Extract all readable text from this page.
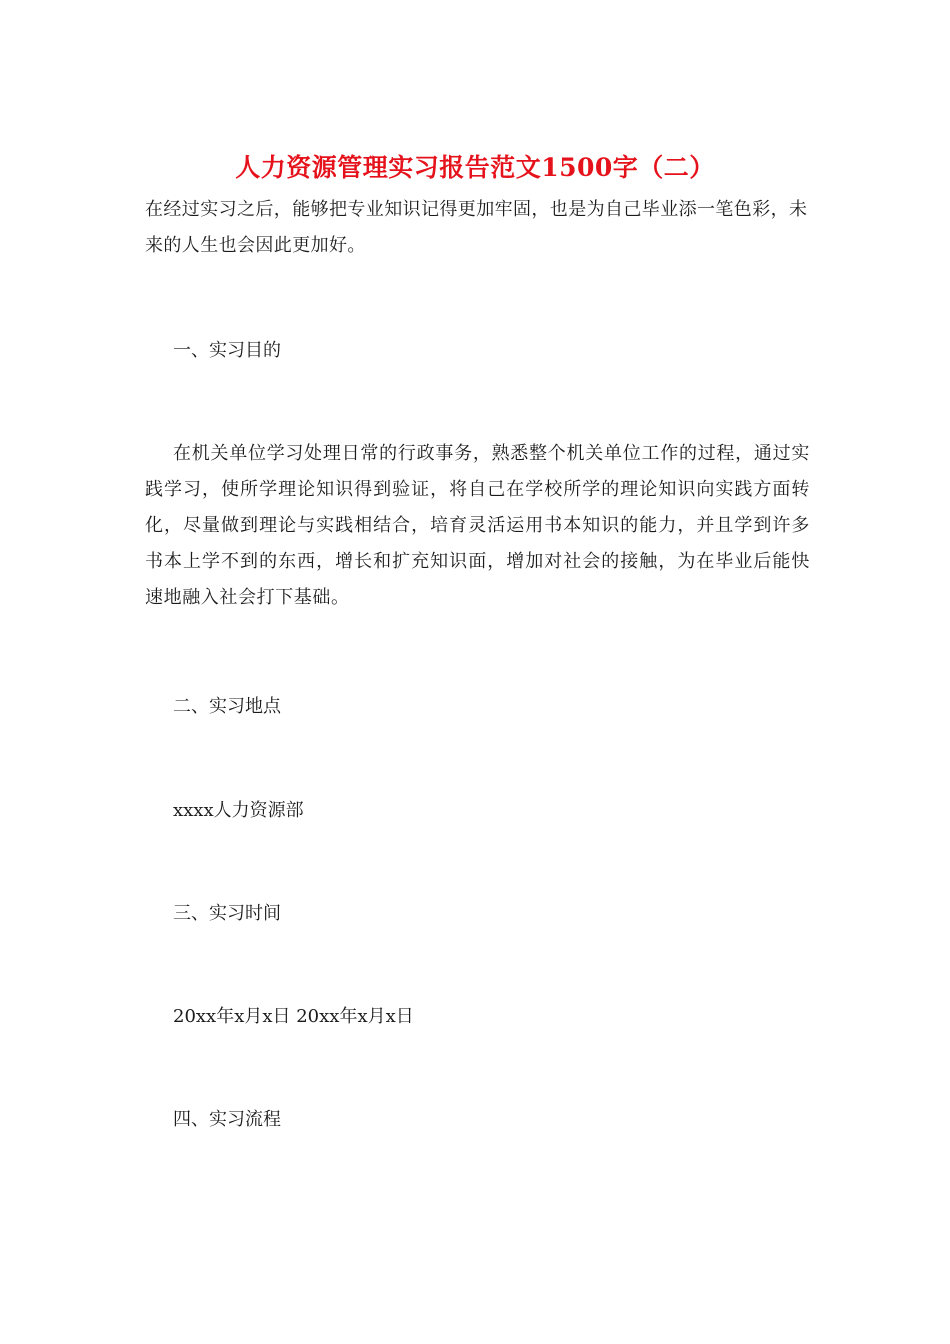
人力资源管理实习报告范文1500字（二）

在经过实习之后，能够把专业知识记得更加牢固，也是为自己毕业添一笔色彩，未来的人生也会因此更加好。

一、实习目的

在机关单位学习处理日常的行政事务，熟悉整个机关单位工作的过程，通过实践学习，使所学理论知识得到验证，将自己在学校所学的理论知识向实践方面转化，尽量做到理论与实践相结合，培育灵活运用书本知识的能力，并且学到许多书本上学不到的东西，增长和扩充知识面，增加对社会的接触，为在毕业后能快速地融入社会打下基础。

二、实习地点

xxxx人力资源部

三、实习时间

20xx年x月x日 20xx年x月x日

四、实习流程
